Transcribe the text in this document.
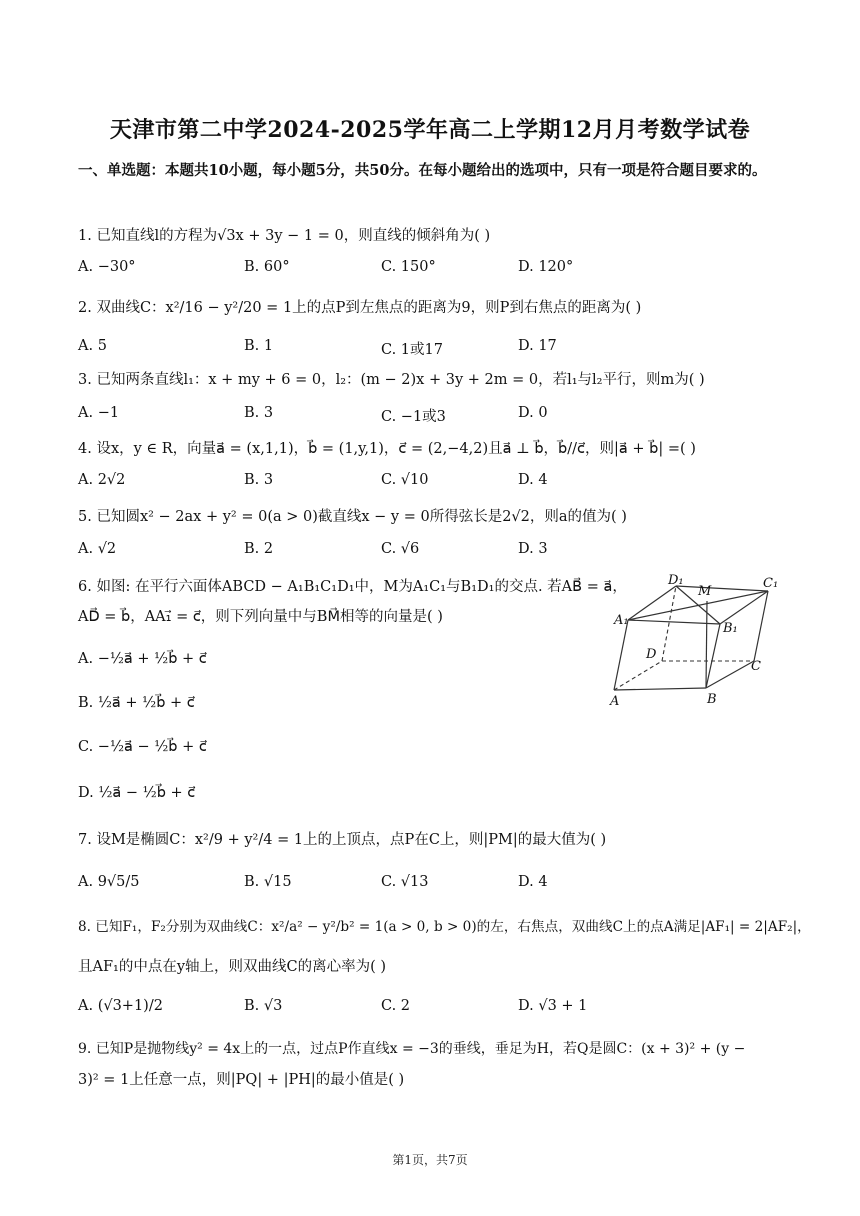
天津市第二中学2024-2025学年高二上学期12月月考数学试卷
一、单选题：本题共10小题，每小题5分，共50分。在每小题给出的选项中，只有一项是符合题目要求的。
1. 已知直线l的方程为√3x + 3y − 1 = 0，则直线的倾斜角为( )
A. −30°	B. 60°	C. 150°	D. 120°
2. 双曲线C：x²/16 − y²/20 = 1上的点P到左焦点的距离为9，则P到右焦点的距离为( )
A. 5	B. 1	C. 1或17	D. 17
3. 已知两条直线l₁：x + my + 6 = 0，l₂：(m − 2)x + 3y + 2m = 0，若l₁与l₂平行，则m为( )
A. −1	B. 3	C. −1或3	D. 0
4. 设x，y ∈ R，向量a⃗ = (x,1,1)，b⃗ = (1,y,1)，c⃗ = (2,−4,2)且a⃗ ⊥ b⃗，b⃗//c⃗，则|a⃗ + b⃗| =( )
A. 2√2	B. 3	C. √10	D. 4
5. 已知圆x² − 2ax + y² = 0(a > 0)截直线x − y = 0所得弦长是2√2，则a的值为( )
A. √2	B. 2	C. √6	D. 3
6. 如图: 在平行六面体ABCD − A₁B₁C₁D₁中，M为A₁C₁与B₁D₁的交点. 若AB⃗ = a⃗，
AD⃗ = b⃗，AA₁⃗ = c⃗，则下列向量中与BM⃗相等的向量是( )
A. −½a⃗ + ½b⃗ + c⃗
B. ½a⃗ + ½b⃗ + c⃗
C. −½a⃗ − ½b⃗ + c⃗
D. ½a⃗ − ½b⃗ + c⃗
D₁
M
C₁
A₁
B₁
D
C
A	B
7. 设M是椭圆C：x²/9 + y²/4 = 1上的上顶点，点P在C上，则|PM|的最大值为( )
A. 9√5/5	B. √15	C. √13	D. 4
8. 已知F₁，F₂分别为双曲线C：x²/a² − y²/b² = 1(a > 0, b > 0)的左，右焦点，双曲线C上的点A满足|AF₁| = 2|AF₂|，
且AF₁的中点在y轴上，则双曲线C的离心率为( )
A. (√3+1)/2	B. √3	C. 2	D. √3 + 1
9. 已知P是抛物线y² = 4x上的一点，过点P作直线x = −3的垂线，垂足为H，若Q是圆C：(x + 3)² + (y −
3)² = 1上任意一点，则|PQ| + |PH|的最小值是( )
第1页，共7页
